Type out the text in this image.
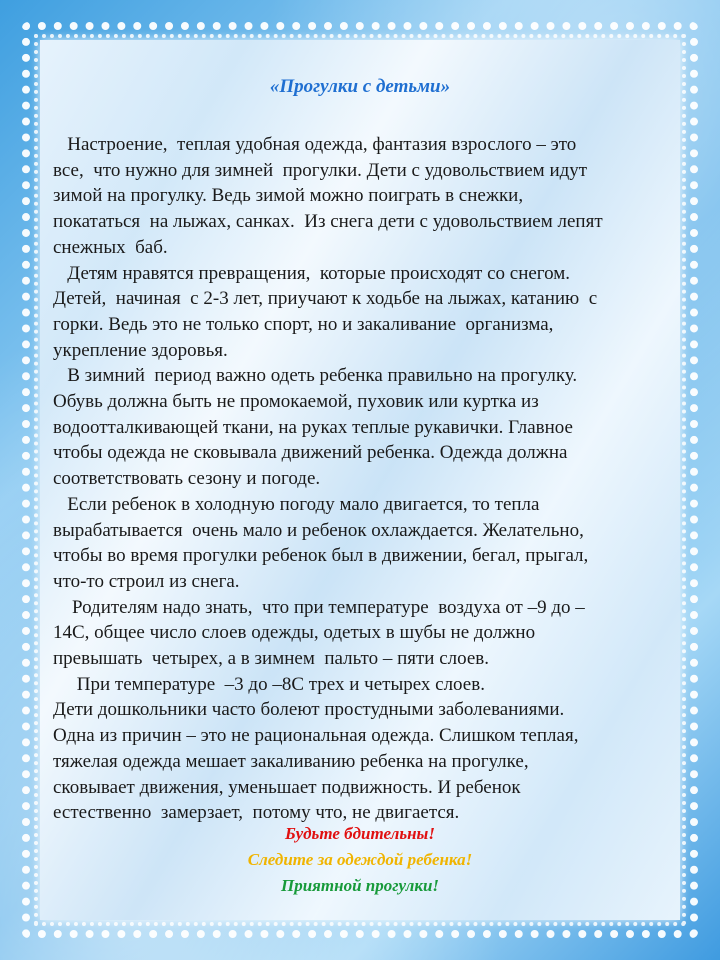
«Прогулки с детьми»

Настроение,  теплая удобная одежда, фантазия взрослого – это

все,  что нужно для зимней  прогулки. Дети с удовольствием идут

зимой на прогулку. Ведь зимой можно поиграть в снежки,

покататься  на лыжах, санках.  Из снега дети с удовольствием лепят

снежных  баб.

Детям нравятся превращения,  которые происходят со снегом.

Детей,  начиная  с 2-3 лет, приучают к ходьбе на лыжах, катанию  с

горки. Ведь это не только спорт, но и закаливание  организма,

укрепление здоровья.

В зимний  период важно одеть ребенка правильно на прогулку.

Обувь должна быть не промокаемой, пуховик или куртка из

водоотталкивающей ткани, на руках теплые рукавички. Главное

чтобы одежда не сковывала движений ребенка. Одежда должна

соответствовать сезону и погоде.

Если ребенок в холодную погоду мало двигается, то тепла

вырабатывается  очень мало и ребенок охлаждается. Желательно,

чтобы во время прогулки ребенок был в движении, бегал, прыгал,

что-то строил из снега.

Родителям надо знать,  что при температуре  воздуха от –9 до –

14С, общее число слоев одежды, одетых в шубы не должно

превышать  четырех, а в зимнем  пальто – пяти слоев.

При температуре  –3 до –8С трех и четырех слоев.

Дети дошкольники часто болеют простудными заболеваниями.

Одна из причин – это не рациональная одежда. Слишком теплая,

тяжелая одежда мешает закаливанию ребенка на прогулке,

сковывает движения, уменьшает подвижность. И ребенок

естественно  замерзает,  потому что, не двигается.

Будьте бдительны!

Следите за одеждой ребенка!

Приятной прогулки!
